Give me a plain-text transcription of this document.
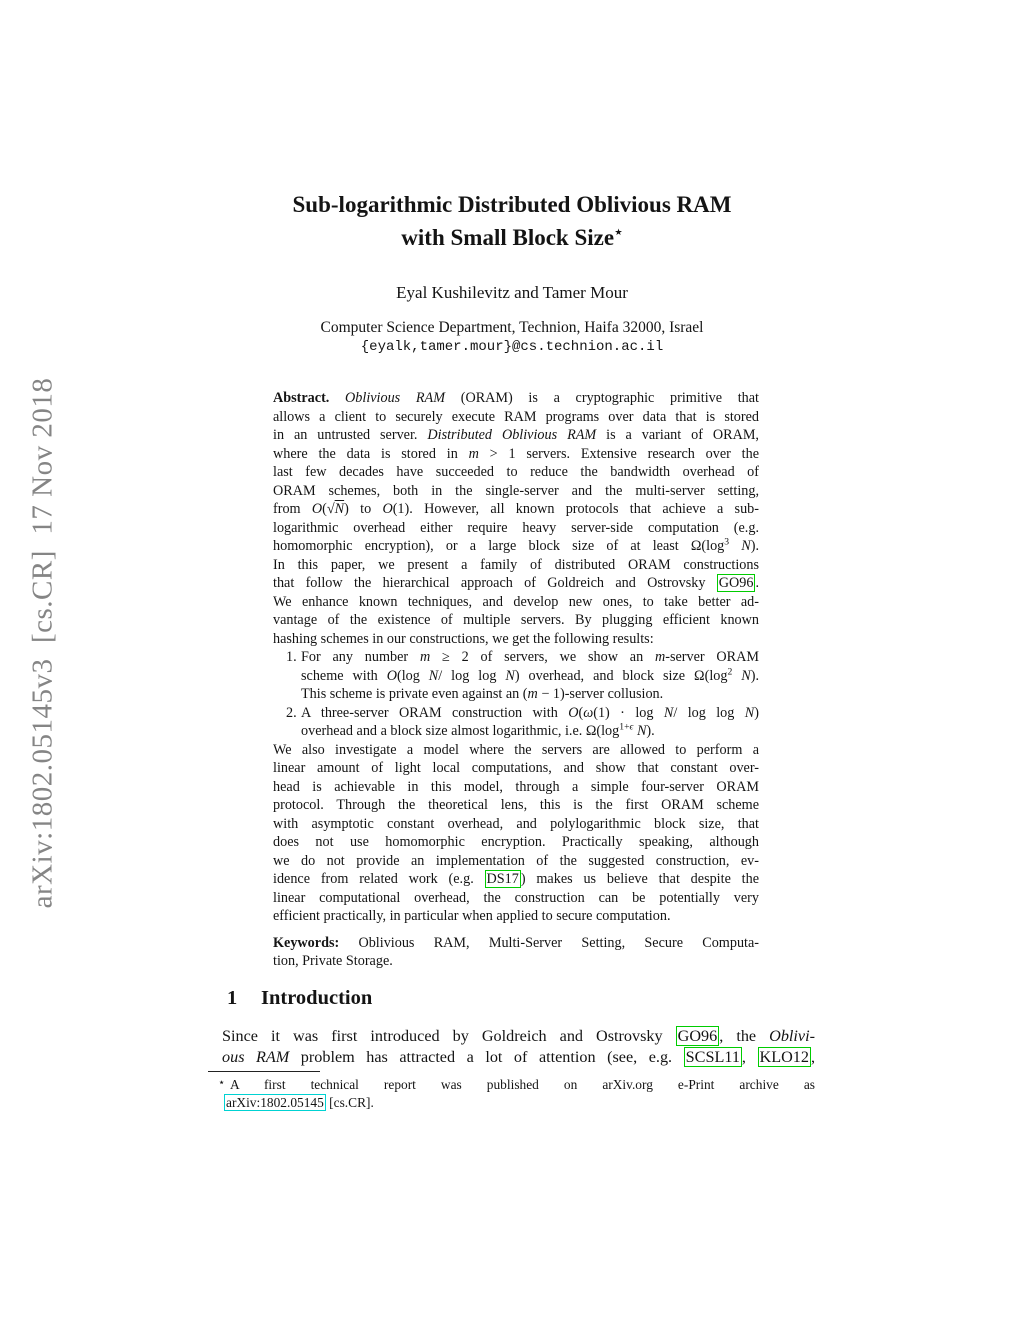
arXiv:1802.05145v3  [cs.CR]  17 Nov 2018
Sub-logarithmic Distributed Oblivious RAM
with Small Block Size⋆
Eyal Kushilevitz and Tamer Mour
Computer Science Department, Technion, Haifa 32000, Israel
{eyalk,tamer.mour}@cs.technion.ac.il
Abstract. Oblivious RAM (ORAM) is a cryptographic primitive that
allows a client to securely execute RAM programs over data that is stored
in an untrusted server. Distributed Oblivious RAM is a variant of ORAM,
where the data is stored in m > 1 servers. Extensive research over the
last few decades have succeeded to reduce the bandwidth overhead of
ORAM schemes, both in the single-server and the multi-server setting,
from O(√N) to O(1). However, all known protocols that achieve a sub-
logarithmic overhead either require heavy server-side computation (e.g.
homomorphic encryption), or a large block size of at least $\Omega(\log^3$ N).
In this paper, we present a family of distributed ORAM constructions
that follow the hierarchical approach of Goldreich and Ostrovsky GO96 .
We enhance known techniques, and develop new ones, to take better ad-
vantage of the existence of multiple servers. By plugging efficient known
hashing schemes in our constructions, we get the following results:
1. For any number m ≥ 2 of servers, we show an m-server ORAM
scheme with O(log N/ log log N) overhead, and block size $\Omega(\log^2$ N).
This scheme is private even against an (m − 1)-server collusion.
2. A three-server ORAM construction with O(ω(1) · log N/ log log N)
overhead and a block size almost logarithmic, i.e. $\Omega(\log^{1+\epsilon}$ N).
We also investigate a model where the servers are allowed to perform a
linear amount of light local computations, and show that constant over-
head is achievable in this model, through a simple four-server ORAM
protocol. Through the theoretical lens, this is the first ORAM scheme
with asymptotic constant overhead, and polylogarithmic block size, that
does not use homomorphic encryption. Practically speaking, although
we do not provide an implementation of the suggested construction, ev-
idence from related work (e.g. DS17 ) makes us believe that despite the
linear computational overhead, the construction can be potentially very
efficient practically, in particular when applied to secure computation.
Keywords: Oblivious RAM, Multi-Server Setting, Secure Computa-
tion, Private Storage.
1 Introduction
Since it was first introduced by Goldreich and Ostrovsky GO96 , the Oblivi-
ous RAM problem has attracted a lot of attention (see, e.g. SCSL11 , KLO12 ,
⋆ A first technical report was published on arXiv.org e-Print archive as
arXiv:1802.05145 [cs.CR].
